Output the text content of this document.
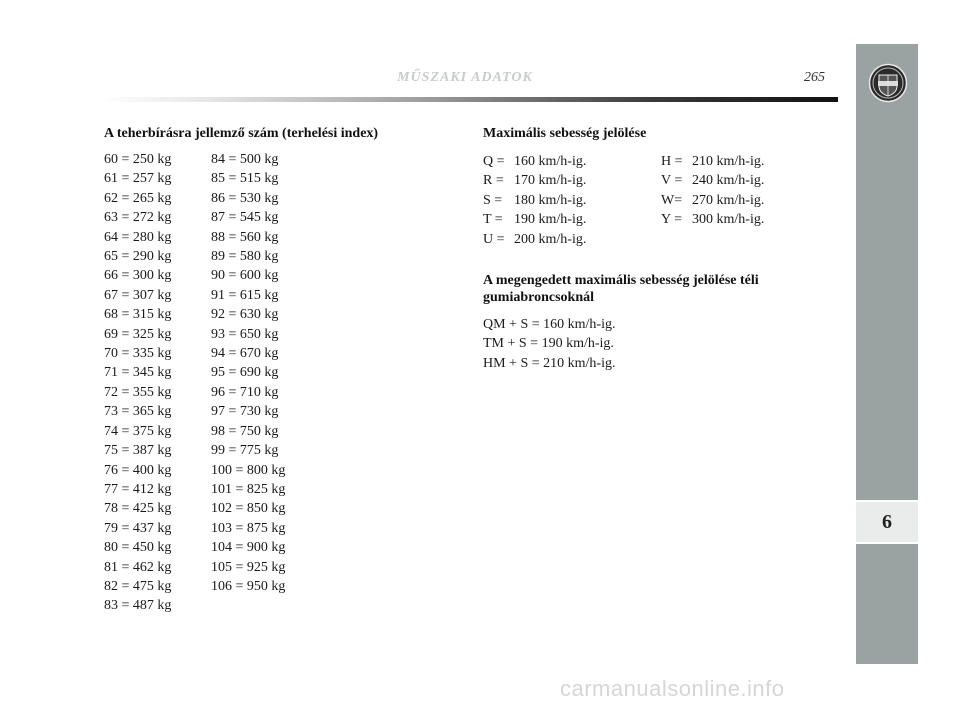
MŰSZAKI ADATOK	265
6
A teherbírásra jellemző szám (terhelési index)
60 = 250 kg
61 = 257 kg
62 = 265 kg
63 = 272 kg
64 = 280 kg
65 = 290 kg
66 = 300 kg
67 = 307 kg
68 = 315 kg
69 = 325 kg
70 = 335 kg
71 = 345 kg
72 = 355 kg
73 = 365 kg
74 = 375 kg
75 = 387 kg
76 = 400 kg
77 = 412 kg
78 = 425 kg
79 = 437 kg
80 = 450 kg
81 = 462 kg
82 = 475 kg
83 = 487 kg
84 = 500 kg
85 = 515 kg
86 = 530 kg
87 = 545 kg
88 = 560 kg
89 = 580 kg
90 = 600 kg
91 = 615 kg
92 = 630 kg
93 = 650 kg
94 = 670 kg
95 = 690 kg
96 = 710 kg
97 = 730 kg
98 = 750 kg
99 = 775 kg
100 = 800 kg
101 = 825 kg
102 = 850 kg
103 = 875 kg
104 = 900 kg
105 = 925 kg
106 = 950 kg
Maximális sebesség jelölése
Q = 160 km/h-ig.
R = 170 km/h-ig.
S = 180 km/h-ig.
T = 190 km/h-ig.
U = 200 km/h-ig.
H = 210 km/h-ig.
V = 240 km/h-ig.
W= 270 km/h-ig.
Y = 300 km/h-ig.
A megengedett maximális sebesség jelölése téli gumiabroncsoknál
QM + S = 160 km/h-ig.
TM + S = 190 km/h-ig.
HM + S = 210 km/h-ig.
carmanualsonline.info
